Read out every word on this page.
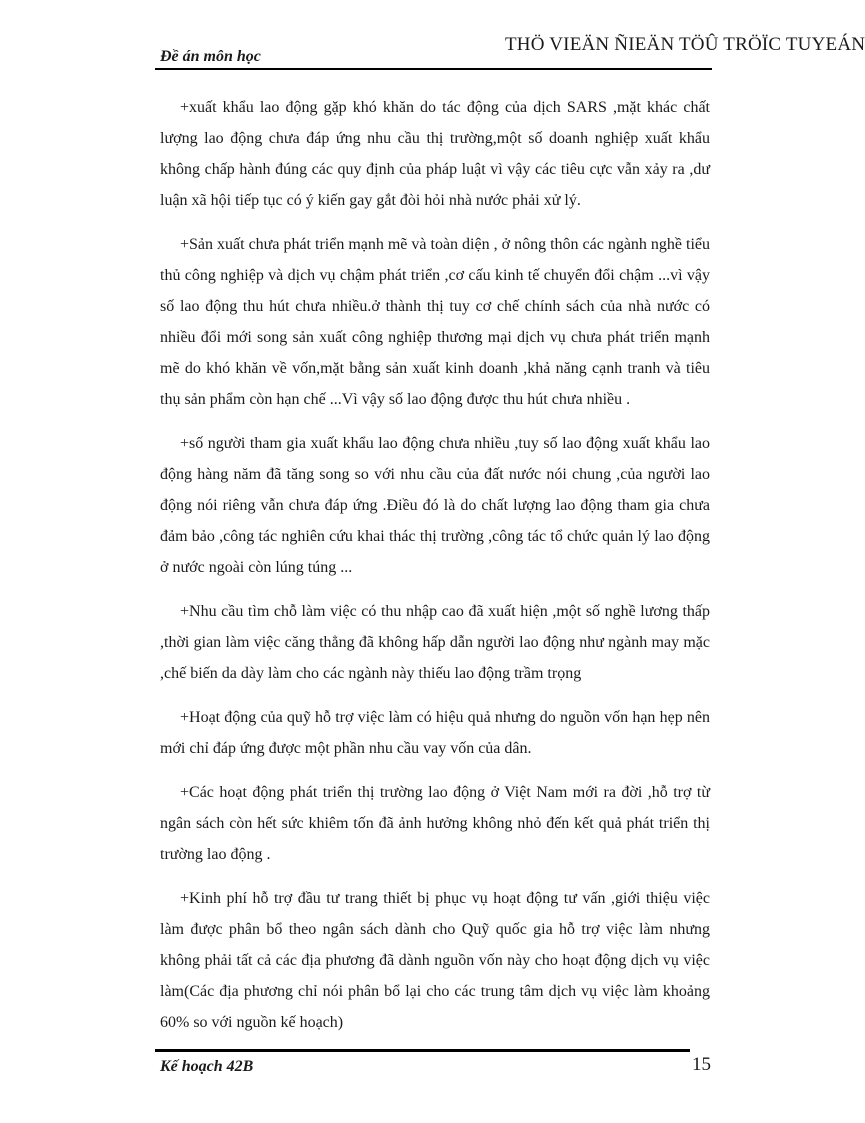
Đề án môn học
THÖ VIEÄN ÑIEÄN TÖÛ TRÖÏC TUYEÁN

+xuất khẩu lao động gặp khó khăn do tác động của dịch SARS ,mặt khác chất lượng lao động chưa đáp ứng nhu cầu thị trường,một số doanh nghiệp xuất khẩu không chấp hành đúng các quy định của pháp luật vì vậy các tiêu cực vẫn xảy ra ,dư luận xã hội tiếp tục có ý kiến gay gắt đòi hỏi nhà nước phải xử lý.

+Sản xuất chưa phát triển mạnh mẽ và toàn diện , ở nông thôn các ngành nghề tiểu thủ công nghiệp và dịch vụ chậm phát triển ,cơ cấu kinh tế chuyển đổi chậm ...vì vậy số lao động thu hút chưa nhiều.ở thành thị tuy cơ chế chính sách của nhà nước có nhiều đổi mới song sản xuất công nghiệp thương mại dịch vụ chưa phát triển mạnh mẽ do khó khăn về vốn,mặt bằng sản xuất kinh doanh ,khả năng cạnh tranh và tiêu thụ sản phẩm còn hạn chế ...Vì vậy số lao động được thu hút chưa nhiều .

+số người tham gia xuất khẩu lao động chưa nhiều ,tuy số lao động xuất khẩu lao động hàng năm đã tăng song so với nhu cầu của đất nước nói chung ,của người lao động nói riêng vẫn chưa đáp ứng .Điều đó là do chất lượng lao động tham gia chưa đảm bảo ,công tác nghiên cứu khai thác thị trường ,công tác tổ chức quản lý lao động ở nước ngoài còn lúng túng ...

+Nhu cầu tìm chỗ làm việc có thu nhập cao đã xuất hiện ,một số nghề lương thấp ,thời gian làm việc căng thẳng đã không hấp dẫn người lao động như ngành may mặc ,chế biến da dày làm cho các ngành này thiếu lao động trầm trọng

+Hoạt động của quỹ hỗ trợ việc làm có hiệu quả nhưng do nguồn vốn hạn hẹp nên mới chỉ đáp ứng được một phần nhu cầu vay vốn của dân.

+Các hoạt động phát triển thị trường lao động ở Việt Nam mới ra đời ,hỗ trợ từ ngân sách còn hết sức khiêm tốn đã ảnh hưởng không nhỏ đến kết quả phát triển thị trường lao động .

+Kinh phí hỗ trợ đầu tư trang thiết bị phục vụ hoạt động tư vấn ,giới thiệu việc làm được phân bổ theo ngân sách dành cho Quỹ quốc gia hỗ trợ việc làm nhưng không phải tất cả các địa phương đã dành nguồn vốn này cho hoạt động dịch vụ việc làm(Các địa phương chỉ nói phân bổ lại cho các trung tâm dịch vụ việc làm khoảng 60% so với nguồn kế hoạch)

Kế hoạch 42B	15
